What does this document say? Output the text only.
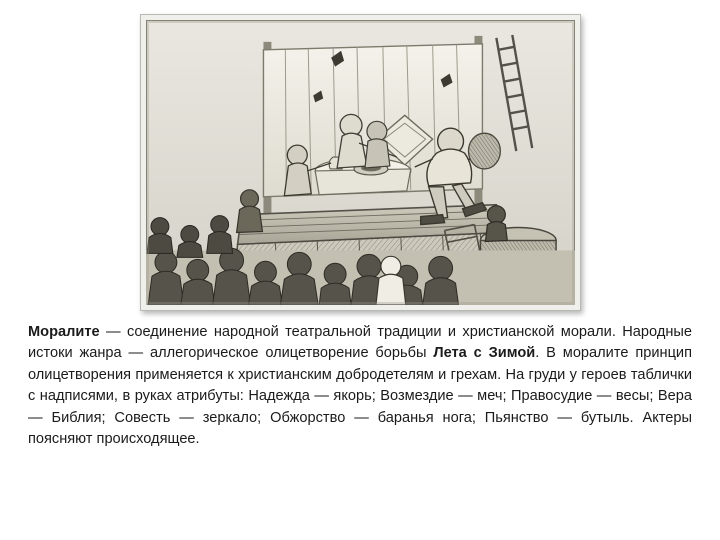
Моралите — соединение народной театральной традиции и христианской морали. Народные истоки жанра — аллегорическое олицетворение борьбы Лета с Зимой. В моралите принцип олицетворения применяется к христианским добродетелям и грехам. На груди у героев таблички с надписями, в руках атрибуты: Надежда — якорь; Возмездие — меч; Правосудие — весы; Вера — Библия; Совесть — зеркало; Обжорство — баранья нога; Пьянство — бутыль. Актеры поясняют происходящее.
